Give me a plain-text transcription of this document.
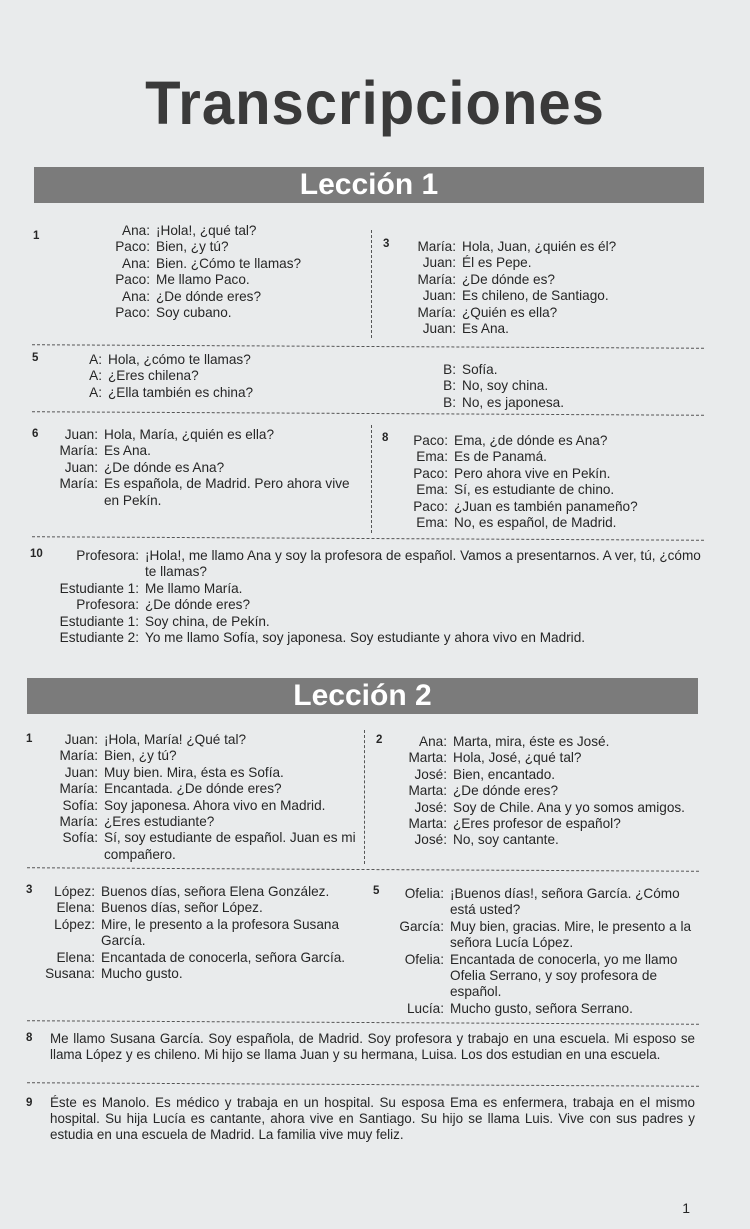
Transcripciones
Lección 1
1	Ana: ¡Hola!, ¿qué tal?
Paco: Bien, ¿y tú?
Ana: Bien. ¿Cómo te llamas?
Paco: Me llamo Paco.
Ana: ¿De dónde eres?
Paco: Soy cubano.
3	María: Hola, Juan, ¿quién es él?
Juan: Él es Pepe.
María: ¿De dónde es?
Juan: Es chileno, de Santiago.
María: ¿Quién es ella?
Juan: Es Ana.
5	A: Hola, ¿cómo te llamas?
A: ¿Eres chilena?
A: ¿Ella también es china?
B: Sofía.
B: No, soy china.
B: No, es japonesa.
6	Juan: Hola, María, ¿quién es ella?
María: Es Ana.
Juan: ¿De dónde es Ana?
María: Es española, de Madrid. Pero ahora vive en Pekín.
8	Paco: Ema, ¿de dónde es Ana?
Ema: Es de Panamá.
Paco: Pero ahora vive en Pekín.
Ema: Sí, es estudiante de chino.
Paco: ¿Juan es también panameño?
Ema: No, es español, de Madrid.
10	Profesora: ¡Hola!, me llamo Ana y soy la profesora de español. Vamos a presentarnos. A ver, tú, ¿cómo te llamas?
Estudiante 1: Me llamo María.
Profesora: ¿De dónde eres?
Estudiante 1: Soy china, de Pekín.
Estudiante 2: Yo me llamo Sofía, soy japonesa. Soy estudiante y ahora vivo en Madrid.
Lección 2
1	Juan: ¡Hola, María! ¿Qué tal?
María: Bien, ¿y tú?
Juan: Muy bien. Mira, ésta es Sofía.
María: Encantada. ¿De dónde eres?
Sofía: Soy japonesa. Ahora vivo en Madrid.
María: ¿Eres estudiante?
Sofía: Sí, soy estudiante de español. Juan es mi compañero.
2	Ana: Marta, mira, éste es José.
Marta: Hola, José, ¿qué tal?
José: Bien, encantado.
Marta: ¿De dónde eres?
José: Soy de Chile. Ana y yo somos amigos.
Marta: ¿Eres profesor de español?
José: No, soy cantante.
3	López: Buenos días, señora Elena González.
Elena: Buenos días, señor López.
López: Mire, le presento a la profesora Susana García.
Elena: Encantada de conocerla, señora García.
Susana: Mucho gusto.
5	Ofelia: ¡Buenos días!, señora García. ¿Cómo está usted?
García: Muy bien, gracias. Mire, le presento a la señora Lucía López.
Ofelia: Encantada de conocerla, yo me llamo Ofelia Serrano, y soy profesora de español.
Lucía: Mucho gusto, señora Serrano.
8 Me llamo Susana García. Soy española, de Madrid. Soy profesora y trabajo en una escuela. Mi esposo se llama López y es chileno. Mi hijo se llama Juan y su hermana, Luisa. Los dos estudian en una escuela.
9 Éste es Manolo. Es médico y trabaja en un hospital. Su esposa Ema es enfermera, trabaja en el mismo hospital. Su hija Lucía es cantante, ahora vive en Santiago. Su hijo se llama Luis. Vive con sus padres y estudia en una escuela de Madrid. La familia vive muy feliz.
1
